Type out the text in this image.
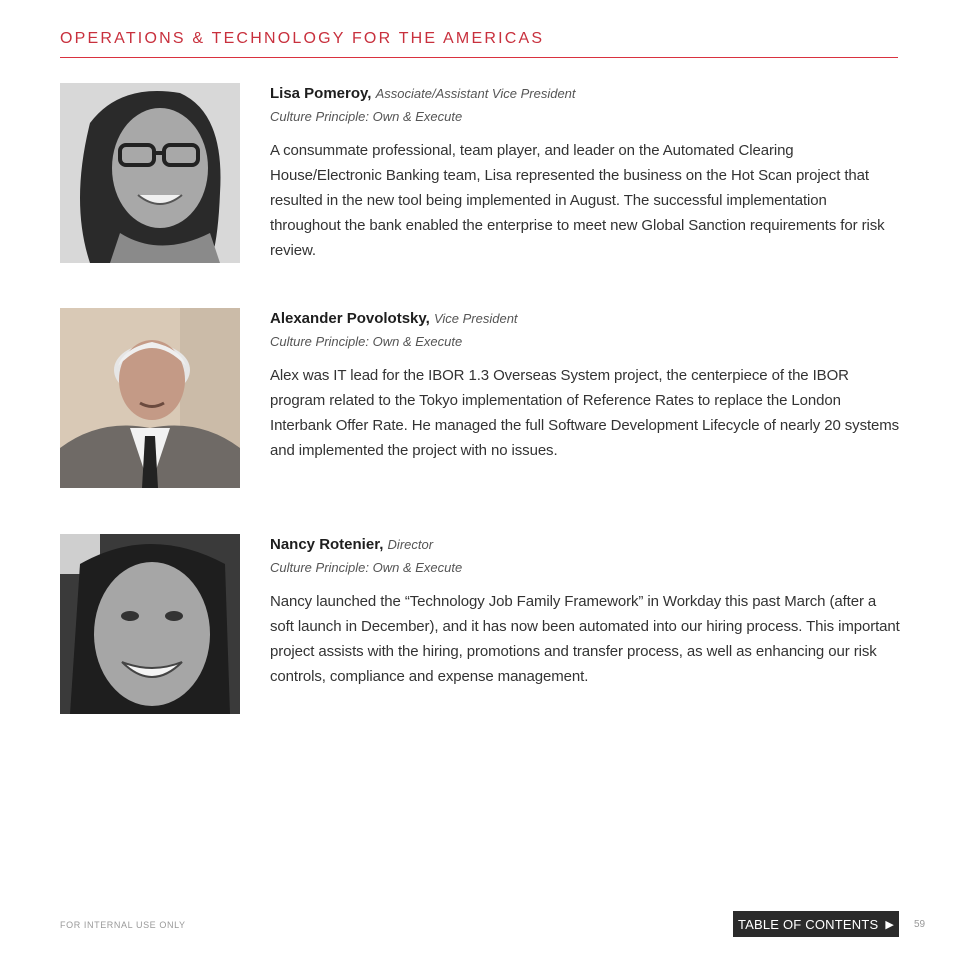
OPERATIONS & TECHNOLOGY FOR THE AMERICAS
Lisa Pomeroy, Associate/Assistant Vice President
Culture Principle: Own & Execute
A consummate professional, team player, and leader on the Automated Clearing House/Electronic Banking team, Lisa represented the business on the Hot Scan project that resulted in the new tool being implemented in August. The successful implementation throughout the bank enabled the enterprise to meet new Global Sanction requirements for risk review.
Alexander Povolotsky, Vice President
Culture Principle: Own & Execute
Alex was IT lead for the IBOR 1.3 Overseas System project, the centerpiece of the IBOR program related to the Tokyo implementation of Reference Rates to replace the London Interbank Offer Rate. He managed the full Software Development Lifecycle of nearly 20 systems and implemented the project with no issues.
Nancy Rotenier, Director
Culture Principle: Own & Execute
Nancy launched the “Technology Job Family Framework” in Workday this past March (after a soft launch in December), and it has now been automated into our hiring process. This important project assists with the hiring, promotions and transfer process, as well as enhancing our risk controls, compliance and expense management.
FOR INTERNAL USE ONLY	TABLE OF CONTENTS ▶ 59
